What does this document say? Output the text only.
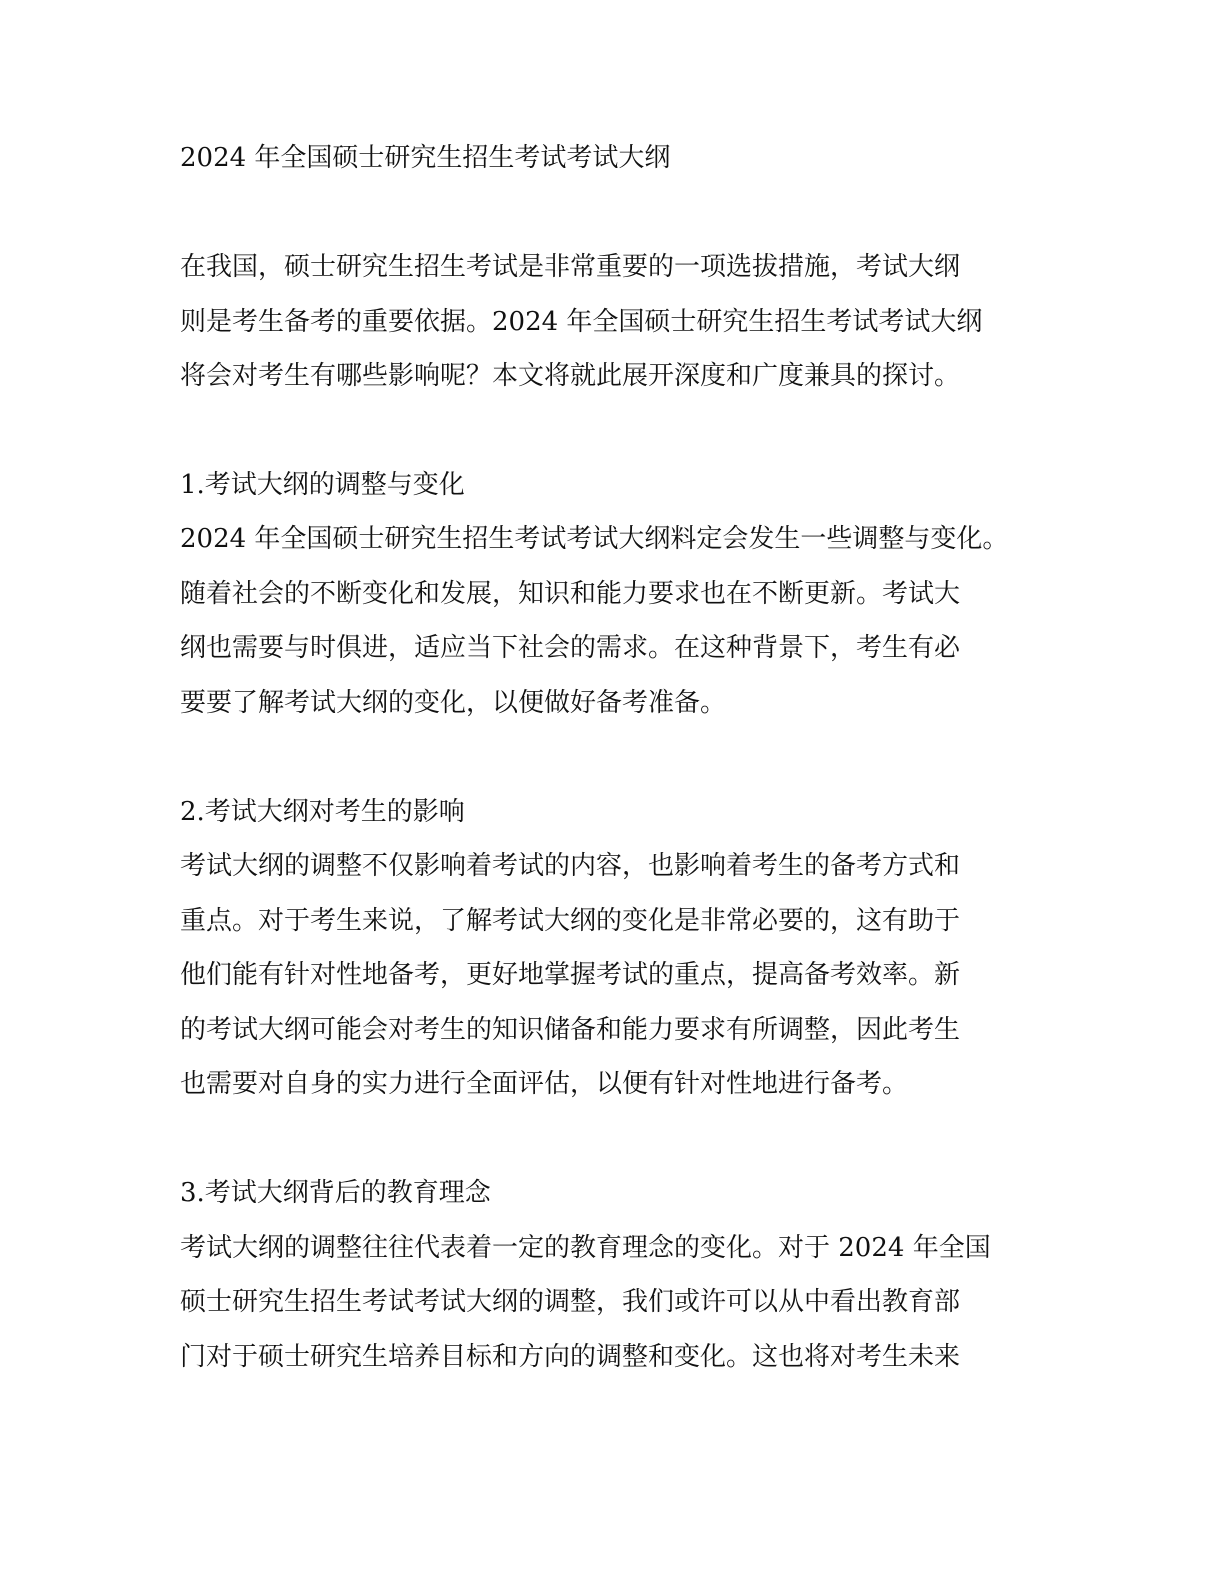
2024 年全国硕士研究生招生考试考试大纲

在我国，硕士研究生招生考试是非常重要的一项选拔措施，考试大纲

则是考生备考的重要依据。2024 年全国硕士研究生招生考试考试大纲

将会对考生有哪些影响呢？本文将就此展开深度和广度兼具的探讨。

1.考试大纲的调整与变化

2024 年全国硕士研究生招生考试考试大纲料定会发生一些调整与变化。

随着社会的不断变化和发展，知识和能力要求也在不断更新。考试大

纲也需要与时俱进，适应当下社会的需求。在这种背景下，考生有必

要要了解考试大纲的变化，以便做好备考准备。

2.考试大纲对考生的影响

考试大纲的调整不仅影响着考试的内容，也影响着考生的备考方式和

重点。对于考生来说，了解考试大纲的变化是非常必要的，这有助于

他们能有针对性地备考，更好地掌握考试的重点，提高备考效率。新

的考试大纲可能会对考生的知识储备和能力要求有所调整，因此考生

也需要对自身的实力进行全面评估，以便有针对性地进行备考。

3.考试大纲背后的教育理念

考试大纲的调整往往代表着一定的教育理念的变化。对于 2024 年全国

硕士研究生招生考试考试大纲的调整，我们或许可以从中看出教育部

门对于硕士研究生培养目标和方向的调整和变化。这也将对考生未来
